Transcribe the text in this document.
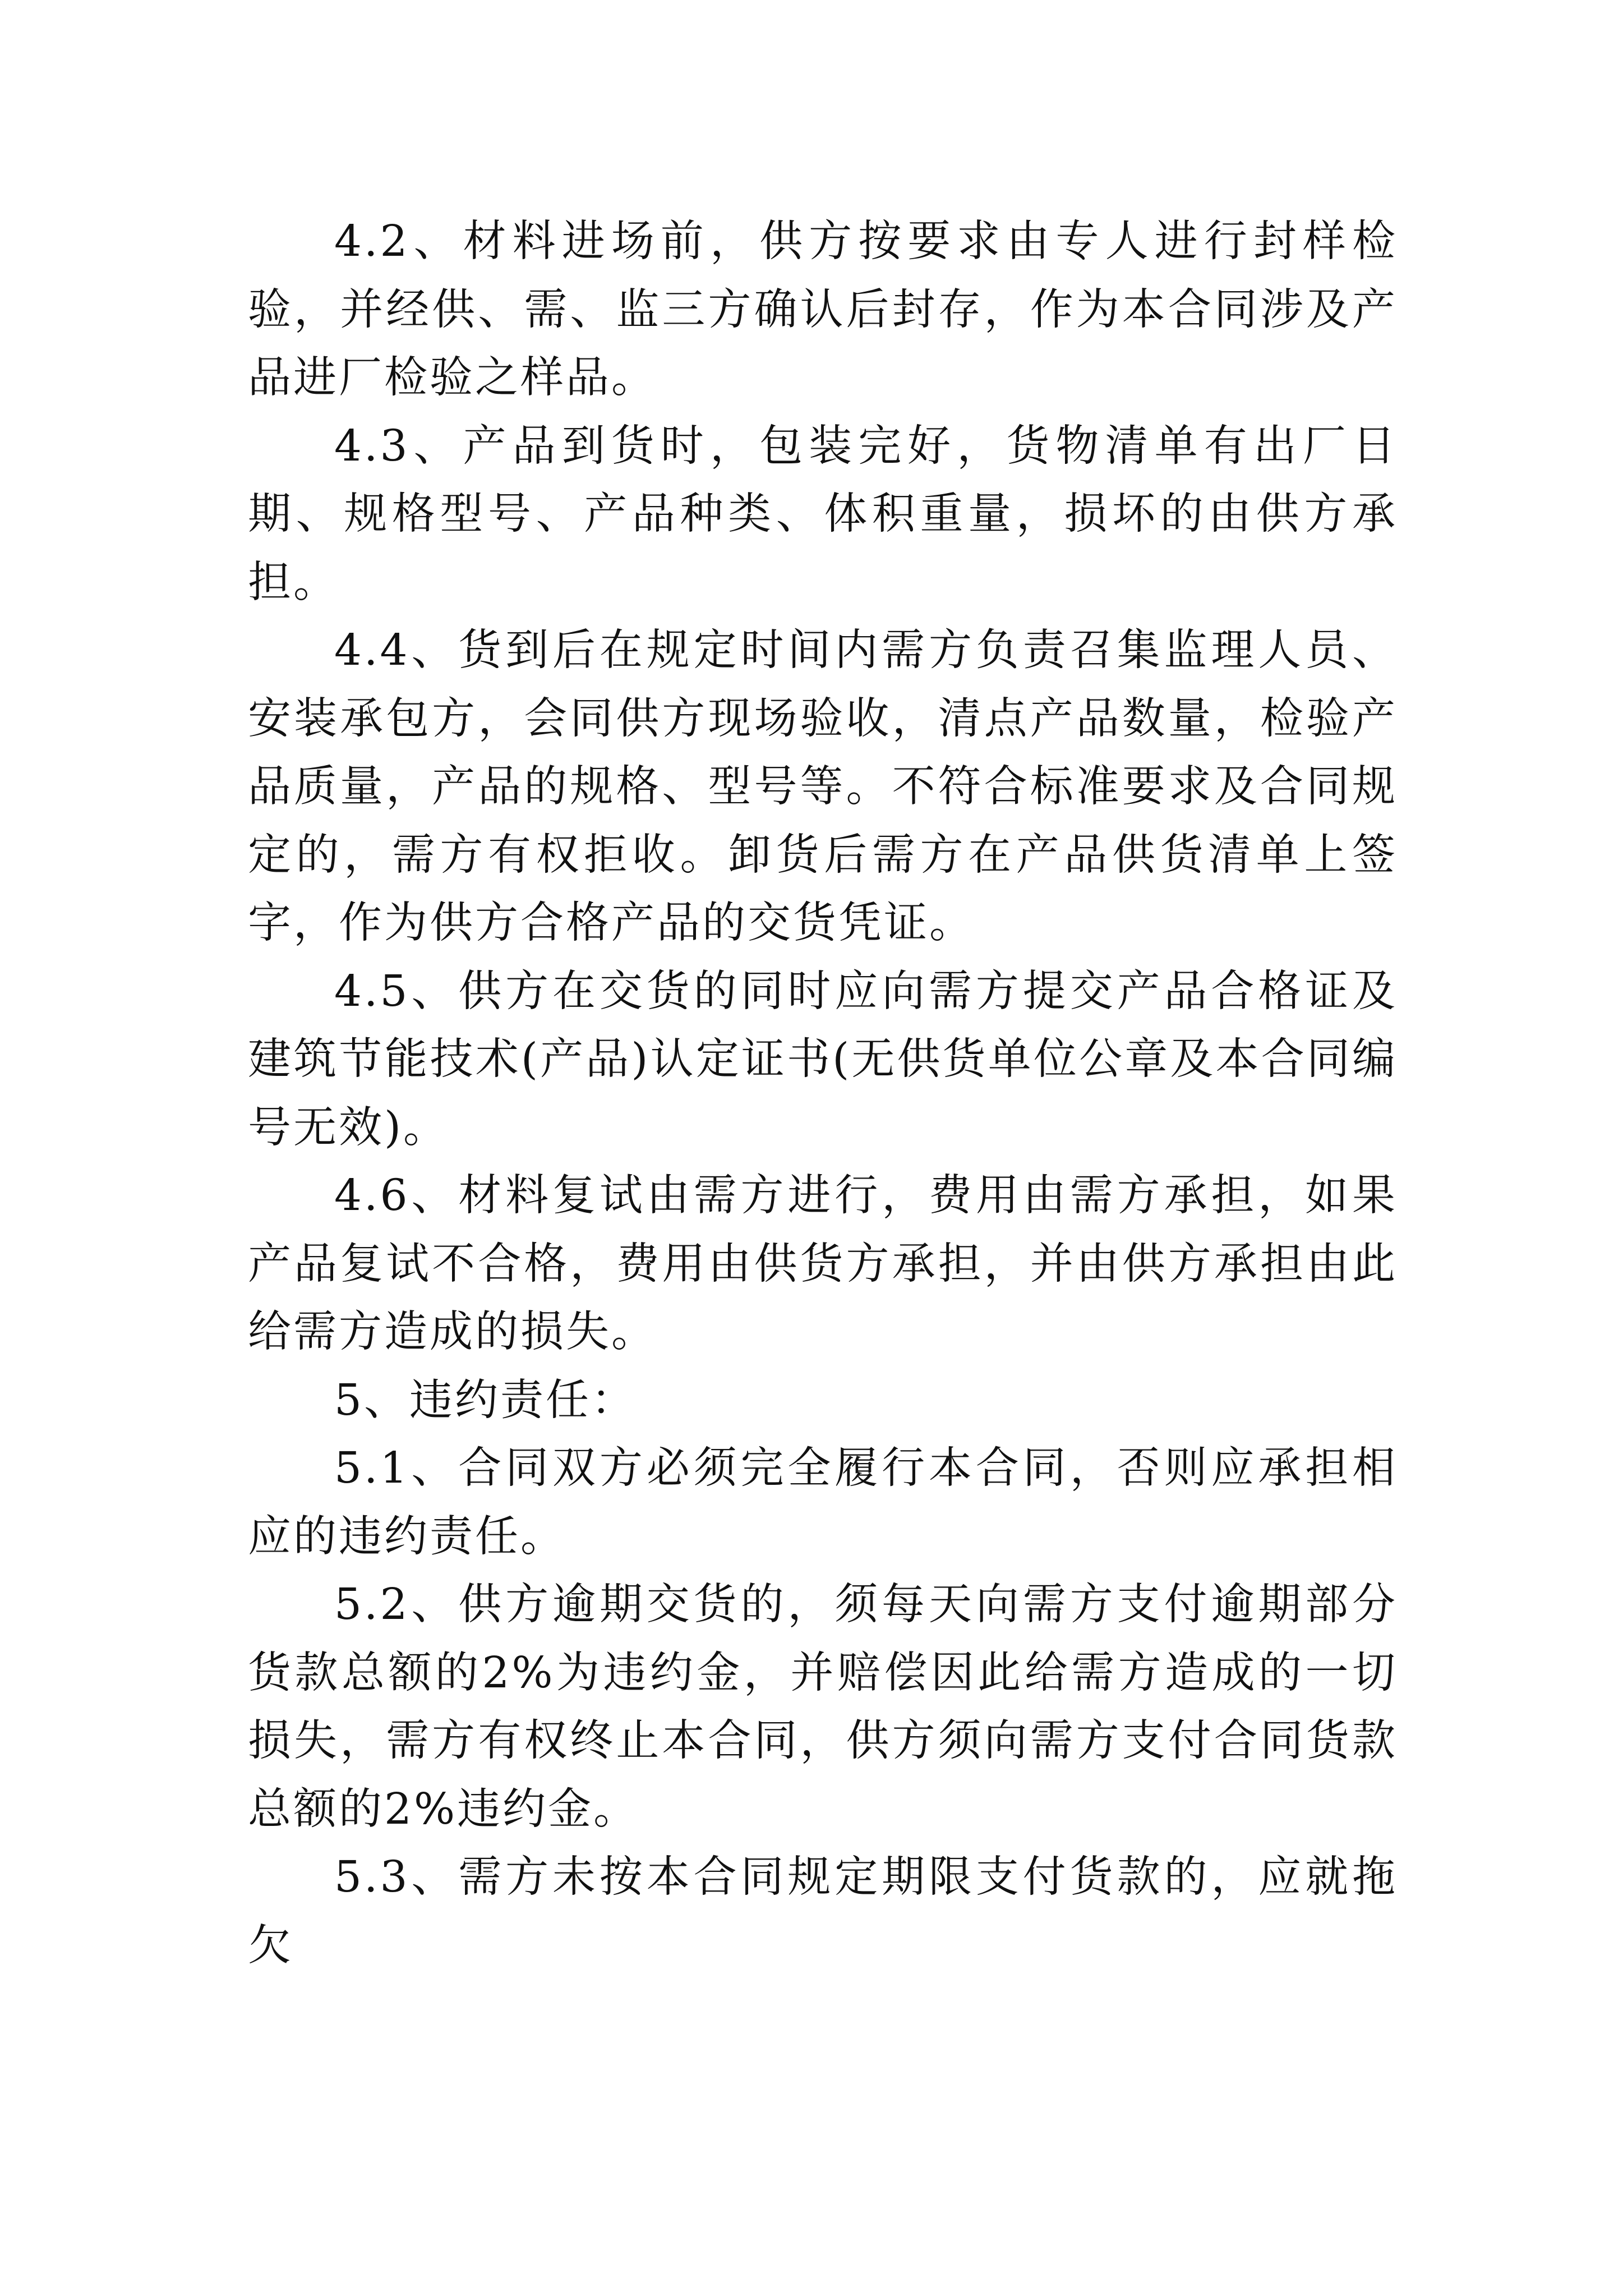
4.2、材料进场前，供方按要求由专人进行封样检验，并经供、需、监三方确认后封存，作为本合同涉及产品进厂检验之样品。

4.3、产品到货时，包装完好，货物清单有出厂日期、规格型号、产品种类、体积重量，损坏的由供方承担。

4.4、货到后在规定时间内需方负责召集监理人员、安装承包方，会同供方现场验收，清点产品数量，检验产品质量，产品的规格、型号等。不符合标准要求及合同规定的，需方有权拒收。卸货后需方在产品供货清单上签字，作为供方合格产品的交货凭证。

4.5、供方在交货的同时应向需方提交产品合格证及建筑节能技术(产品)认定证书(无供货单位公章及本合同编号无效)。

4.6、材料复试由需方进行，费用由需方承担，如果产品复试不合格，费用由供货方承担，并由供方承担由此给需方造成的损失。

5、违约责任：

5.1、合同双方必须完全履行本合同，否则应承担相应的违约责任。

5.2、供方逾期交货的，须每天向需方支付逾期部分货款总额的2%为违约金，并赔偿因此给需方造成的一切损失，需方有权终止本合同，供方须向需方支付合同货款总额的2%违约金。

5.3、需方未按本合同规定期限支付货款的，应就拖欠
